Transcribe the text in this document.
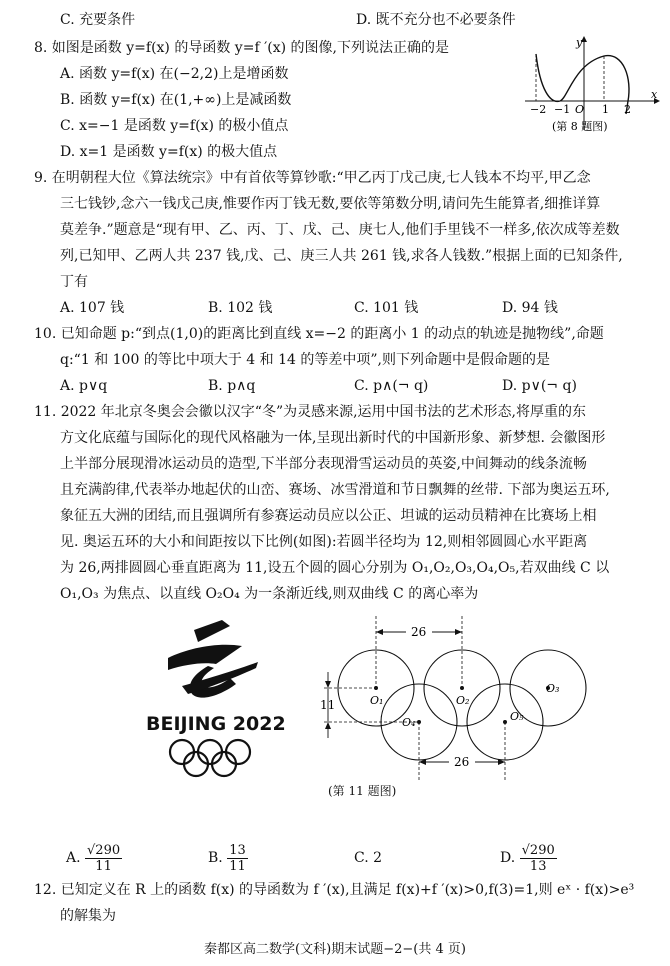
C. 充要条件	D. 既不充分也不必要条件
8. 如图是函数 y=f(x) 的导函数 y=f ′(x) 的图像,下列说法正确的是
A. 函数 y=f(x) 在(−2,2)上是增函数
B. 函数 y=f(x) 在(1,+∞)上是减函数
C. x=−1 是函数 y=f(x) 的极小值点
D. x=1 是函数 y=f(x) 的极大值点
y
x
−2 −1 O 1 2
(第 8 题图)
9. 在明朝程大位《算法统宗》中有首依等算钞歌:“甲乙丙丁戊己庚,七人钱本不均平,甲乙念
三七钱钞,念六一钱戊己庚,惟要作丙丁钱无数,要依等第数分明,请问先生能算者,细推详算
莫差争.”题意是“现有甲、乙、丙、丁、戊、己、庚七人,他们手里钱不一样多,依次成等差数
列,已知甲、乙两人共 237 钱,戊、己、庚三人共 261 钱,求各人钱数.”根据上面的已知条件,
丁有
A. 107 钱	B. 102 钱	C. 101 钱	D. 94 钱
10. 已知命题 p:“到点(1,0)的距离比到直线 x=−2 的距离小 1 的动点的轨迹是抛物线”,命题
q:“1 和 100 的等比中项大于 4 和 14 的等差中项”,则下列命题中是假命题的是
A. p∨q	B. p∧q	C. p∧(¬ q)	D. p∨(¬ q)
11. 2022 年北京冬奥会会徽以汉字“冬”为灵感来源,运用中国书法的艺术形态,将厚重的东
方文化底蕴与国际化的现代风格融为一体,呈现出新时代的中国新形象、新梦想. 会徽图形
上半部分展现滑冰运动员的造型,下半部分表现滑雪运动员的英姿,中间舞动的线条流畅
且充满韵律,代表举办地起伏的山峦、赛场、冰雪滑道和节日飘舞的丝带. 下部为奥运五环,
象征五大洲的团结,而且强调所有参赛运动员应以公正、坦诚的运动员精神在比赛场上相
见. 奥运五环的大小和间距按以下比例(如图):若圆半径均为 12,则相邻圆圆心水平距离
为 26,两排圆圆心垂直距离为 11,设五个圆的圆心分别为 O₁,O₂,O₃,O₄,O₅,若双曲线 C 以
O₁,O₃ 为焦点、以直线 O₂O₄ 为一条渐近线,则双曲线 C 的离心率为
BEIJING 2022
26
11
26
O₁	O₂
O₃
O₄	O₅
(第 11 题图)
A. $\frac{√290}{11}$	B. $\frac{13}{11}$	C. 2	D. $\frac{√290}{13}$
12. 已知定义在 R 上的函数 f(x) 的导函数为 f ′(x),且满足 f(x)+f ′(x)>0,f(3)=1,则 eˣ · f(x)>e³
的解集为
秦都区高二数学(文科)期末试题−2−(共 4 页)
